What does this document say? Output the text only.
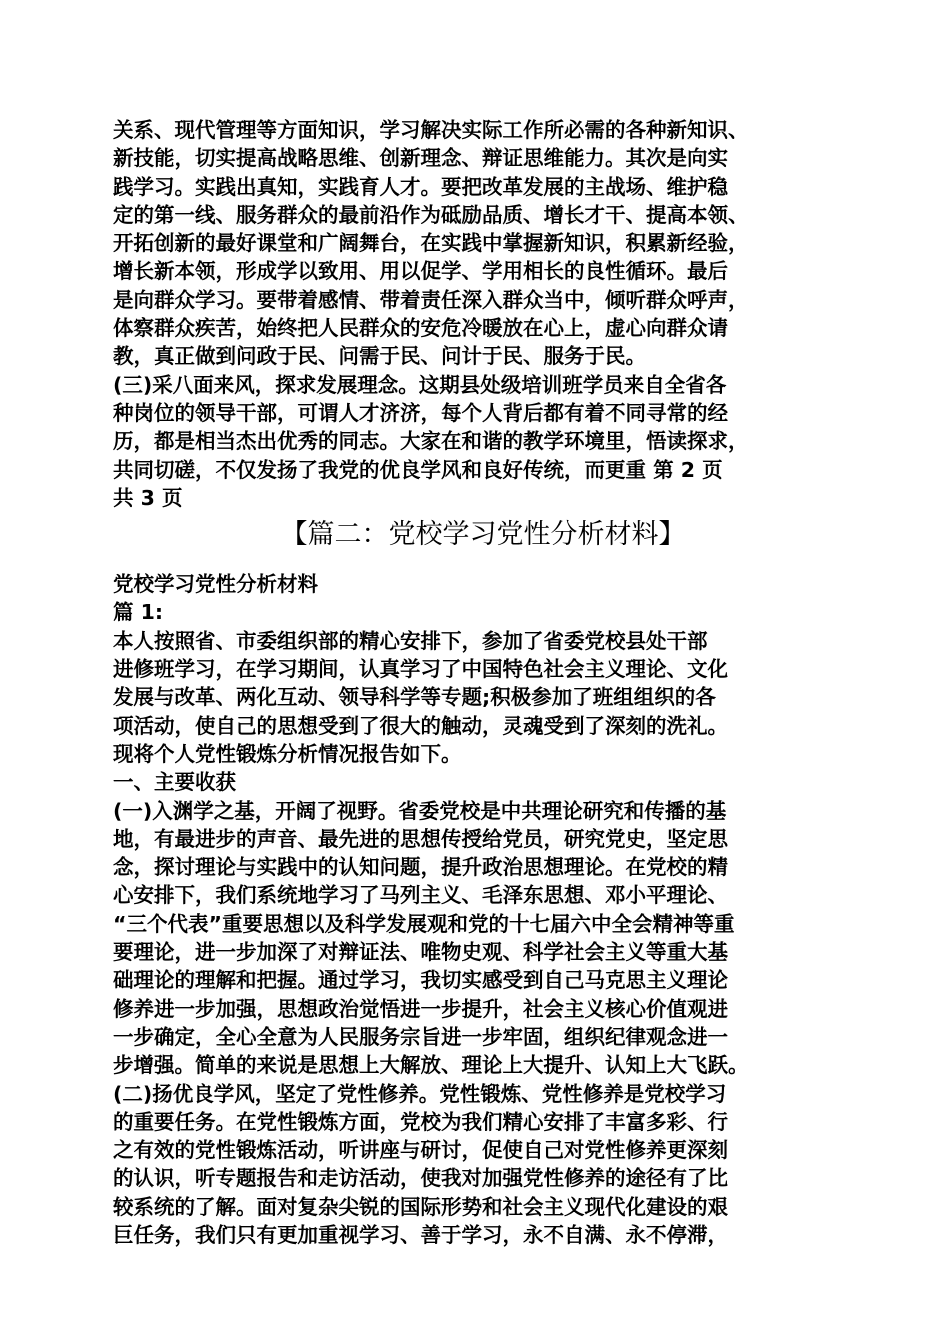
关系、现代管理等方面知识，学习解决实际工作所必需的各种新知识、
新技能，切实提高战略思维、创新理念、辩证思维能力。其次是向实
践学习。实践出真知，实践育人才。要把改革发展的主战场、维护稳
定的第一线、服务群众的最前沿作为砥励品质、增长才干、提高本领、
开拓创新的最好课堂和广阔舞台，在实践中掌握新知识，积累新经验，
增长新本领，形成学以致用、用以促学、学用相长的良性循环。最后
是向群众学习。要带着感情、带着责任深入群众当中，倾听群众呼声，
体察群众疾苦，始终把人民群众的安危冷暖放在心上，虚心向群众请
教，真正做到问政于民、问需于民、问计于民、服务于民。
(三)采八面来风，探求发展理念。这期县处级培训班学员来自全省各
种岗位的领导干部，可谓人才济济，每个人背后都有着不同寻常的经
历，都是相当杰出优秀的同志。大家在和谐的教学环境里，悟读探求，
共同切磋，不仅发扬了我党的优良学风和良好传统，而更重 第 2 页
共 3 页
【篇二：党校学习党性分析材料】
党校学习党性分析材料
篇 1:
本人按照省、市委组织部的精心安排下，参加了省委党校县处干部
进修班学习，在学习期间，认真学习了中国特色社会主义理论、文化
发展与改革、两化互动、领导科学等专题;积极参加了班组组织的各
项活动，使自己的思想受到了很大的触动，灵魂受到了深刻的洗礼。
现将个人党性锻炼分析情况报告如下。
一、主要收获
(一)入渊学之基，开阔了视野。省委党校是中共理论研究和传播的基
地，有最进步的声音、最先进的思想传授给党员，研究党史，坚定思
念，探讨理论与实践中的认知问题，提升政治思想理论。在党校的精
心安排下，我们系统地学习了马列主义、毛泽东思想、邓小平理论、
“三个代表”重要思想以及科学发展观和党的十七届六中全会精神等重
要理论，进一步加深了对辩证法、唯物史观、科学社会主义等重大基
础理论的理解和把握。通过学习，我切实感受到自己马克思主义理论
修养进一步加强，思想政治觉悟进一步提升，社会主义核心价值观进
一步确定，全心全意为人民服务宗旨进一步牢固，组织纪律观念进一
步增强。简单的来说是思想上大解放、理论上大提升、认知上大飞跃。
(二)扬优良学风，坚定了党性修养。党性锻炼、党性修养是党校学习
的重要任务。在党性锻炼方面，党校为我们精心安排了丰富多彩、行
之有效的党性锻炼活动，听讲座与研讨，促使自己对党性修养更深刻
的认识，听专题报告和走访活动，使我对加强党性修养的途径有了比
较系统的了解。面对复杂尖锐的国际形势和社会主义现代化建设的艰
巨任务，我们只有更加重视学习、善于学习，永不自满、永不停滞，
